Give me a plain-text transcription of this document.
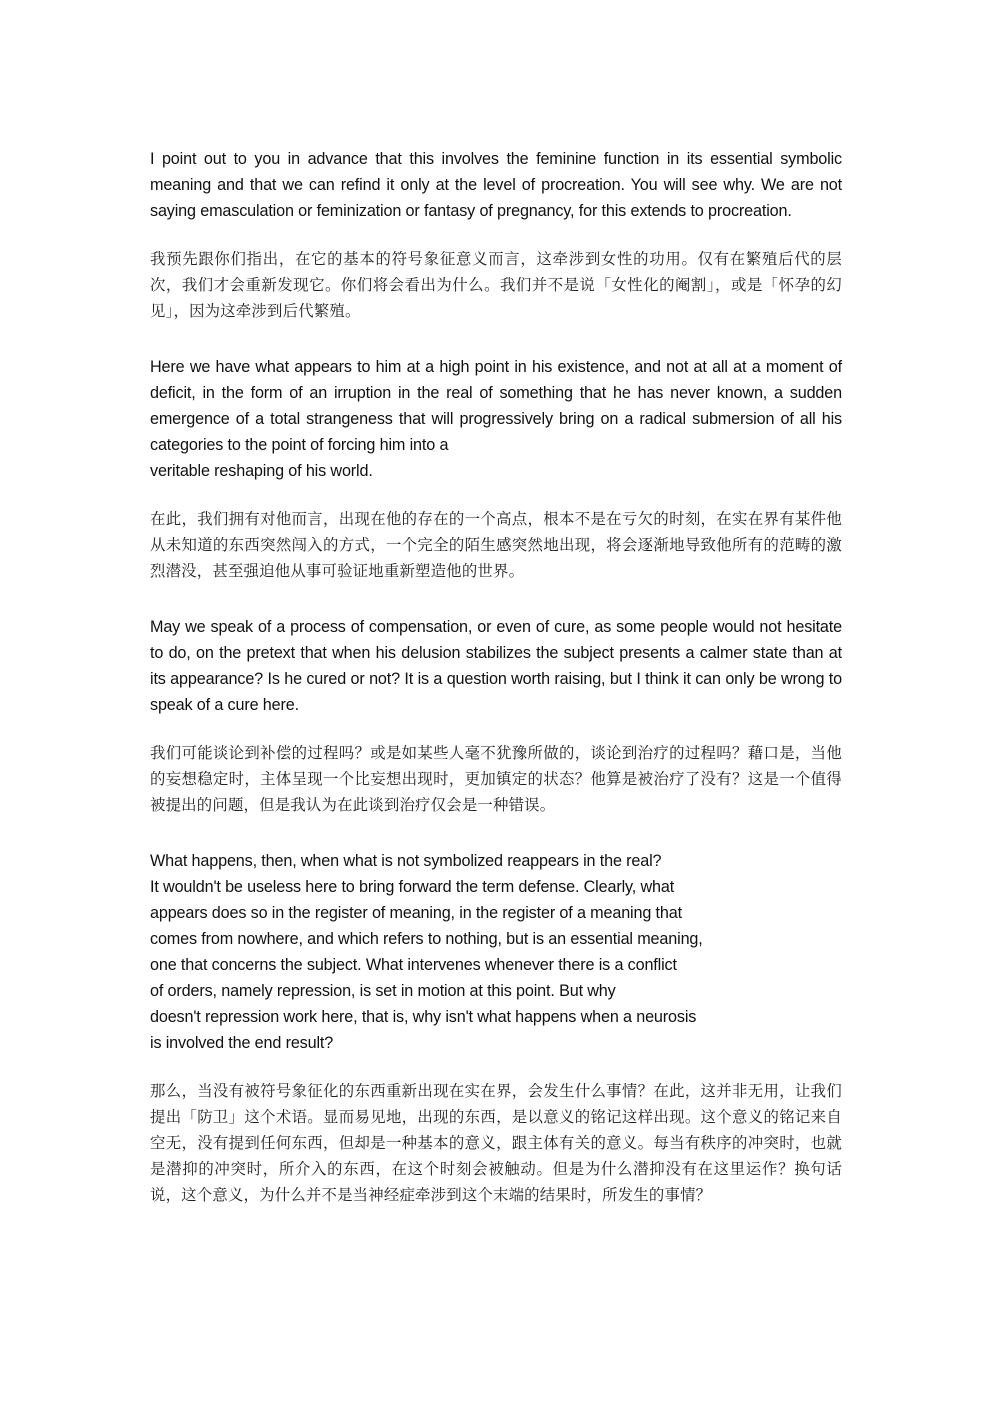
I point out to you in advance that this involves the feminine function in its essential symbolic meaning and that we can refind it only at the level of procreation. You will see why. We are not saying emasculation or feminization or fantasy of pregnancy, for this extends to procreation.

我预先跟你们指出，在它的基本的符号象征意义而言，这牵涉到女性的功用。仅有在繁殖后代的层次，我们才会重新发现它。你们将会看出为什么。我们并不是说「女性化的阉割」，或是「怀孕的幻见」，因为这牵涉到后代繁殖。

Here we have what appears to him at a high point in his existence, and not at all at a moment of deficit, in the form of an irruption in the real of something that he has never known, a sudden emergence of a total strangeness that will progressively bring on a radical submersion of all his categories to the point of forcing him into a
veritable reshaping of his world.

在此，我们拥有对他而言，出现在他的存在的一个高点，根本不是在亏欠的时刻，在实在界有某件他从未知道的东西突然闯入的方式，一个完全的陌生感突然地出现，将会逐渐地导致他所有的范畴的激烈潜没，甚至强迫他从事可验证地重新塑造他的世界。

May we speak of a process of compensation, or even of cure, as some people would not hesitate to do, on the pretext that when his delusion stabilizes the subject presents a calmer state than at its appearance? Is he cured or not? It is a question worth raising, but I think it can only be wrong to speak of a cure here.

我们可能谈论到补偿的过程吗？或是如某些人毫不犹豫所做的，谈论到治疗的过程吗？藉口是，当他的妄想稳定时，主体呈现一个比妄想出现时，更加镇定的状态？他算是被治疗了没有？这是一个值得被提出的问题，但是我认为在此谈到治疗仅会是一种错误。

What happens, then, when what is not symbolized reappears in the real?
It wouldn't be useless here to bring forward the term defense. Clearly, what
appears does so in the register of meaning, in the register of a meaning that
comes from nowhere, and which refers to nothing, but is an essential meaning,
one that concerns the subject. What intervenes whenever there is a conflict
of orders, namely repression, is set in motion at this point. But why
doesn't repression work here, that is, why isn't what happens when a neurosis
is involved the end result?

那么，当没有被符号象征化的东西重新出现在实在界，会发生什么事情？在此，这并非无用，让我们提出「防卫」这个术语。显而易见地，出现的东西，是以意义的铭记这样出现。这个意义的铭记来自空无，没有提到任何东西，但却是一种基本的意义，跟主体有关的意义。每当有秩序的冲突时，也就是潜抑的冲突时，所介入的东西，在这个时刻会被触动。但是为什么潜抑没有在这里运作？换句话说，这个意义，为什么并不是当神经症牵涉到这个末端的结果时，所发生的事情？
